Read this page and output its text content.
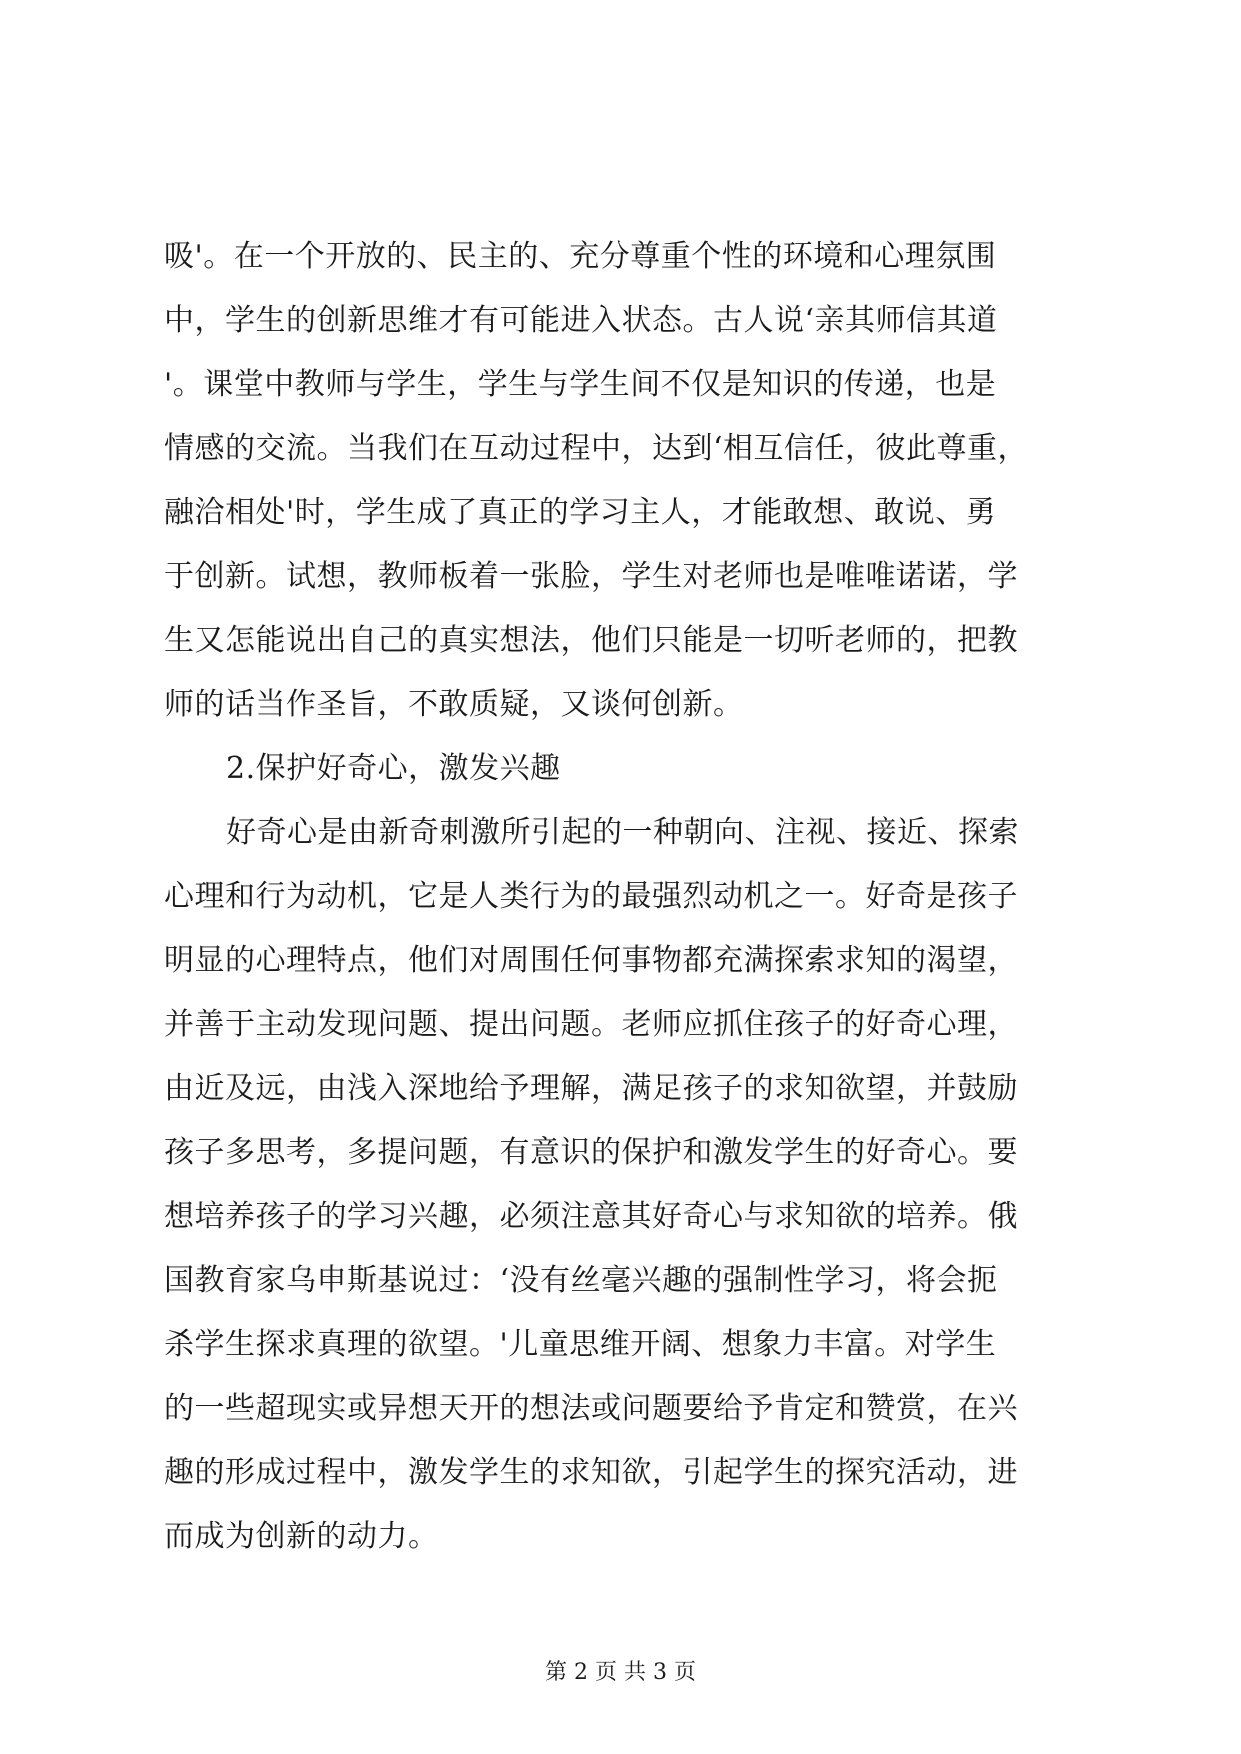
吸'。在一个开放的、民主的、充分尊重个性的环境和心理氛围
中，学生的创新思维才有可能进入状态。古人说‘亲其师信其道
'。课堂中教师与学生，学生与学生间不仅是知识的传递，也是
情感的交流。当我们在互动过程中，达到‘相互信任，彼此尊重，
融洽相处'时，学生成了真正的学习主人，才能敢想、敢说、勇
于创新。试想，教师板着一张脸，学生对老师也是唯唯诺诺，学
生又怎能说出自己的真实想法，他们只能是一切听老师的，把教
师的话当作圣旨，不敢质疑，又谈何创新。
2.保护好奇心，激发兴趣
好奇心是由新奇刺激所引起的一种朝向、注视、接近、探索
心理和行为动机，它是人类行为的最强烈动机之一。好奇是孩子
明显的心理特点，他们对周围任何事物都充满探索求知的渴望，
并善于主动发现问题、提出问题。老师应抓住孩子的好奇心理，
由近及远，由浅入深地给予理解，满足孩子的求知欲望，并鼓励
孩子多思考，多提问题，有意识的保护和激发学生的好奇心。要
想培养孩子的学习兴趣，必须注意其好奇心与求知欲的培养。俄
国教育家乌申斯基说过：‘没有丝毫兴趣的强制性学习，将会扼
杀学生探求真理的欲望。'儿童思维开阔、想象力丰富。对学生
的一些超现实或异想天开的想法或问题要给予肯定和赞赏，在兴
趣的形成过程中，激发学生的求知欲，引起学生的探究活动，进
而成为创新的动力。
第 2 页 共 3 页
